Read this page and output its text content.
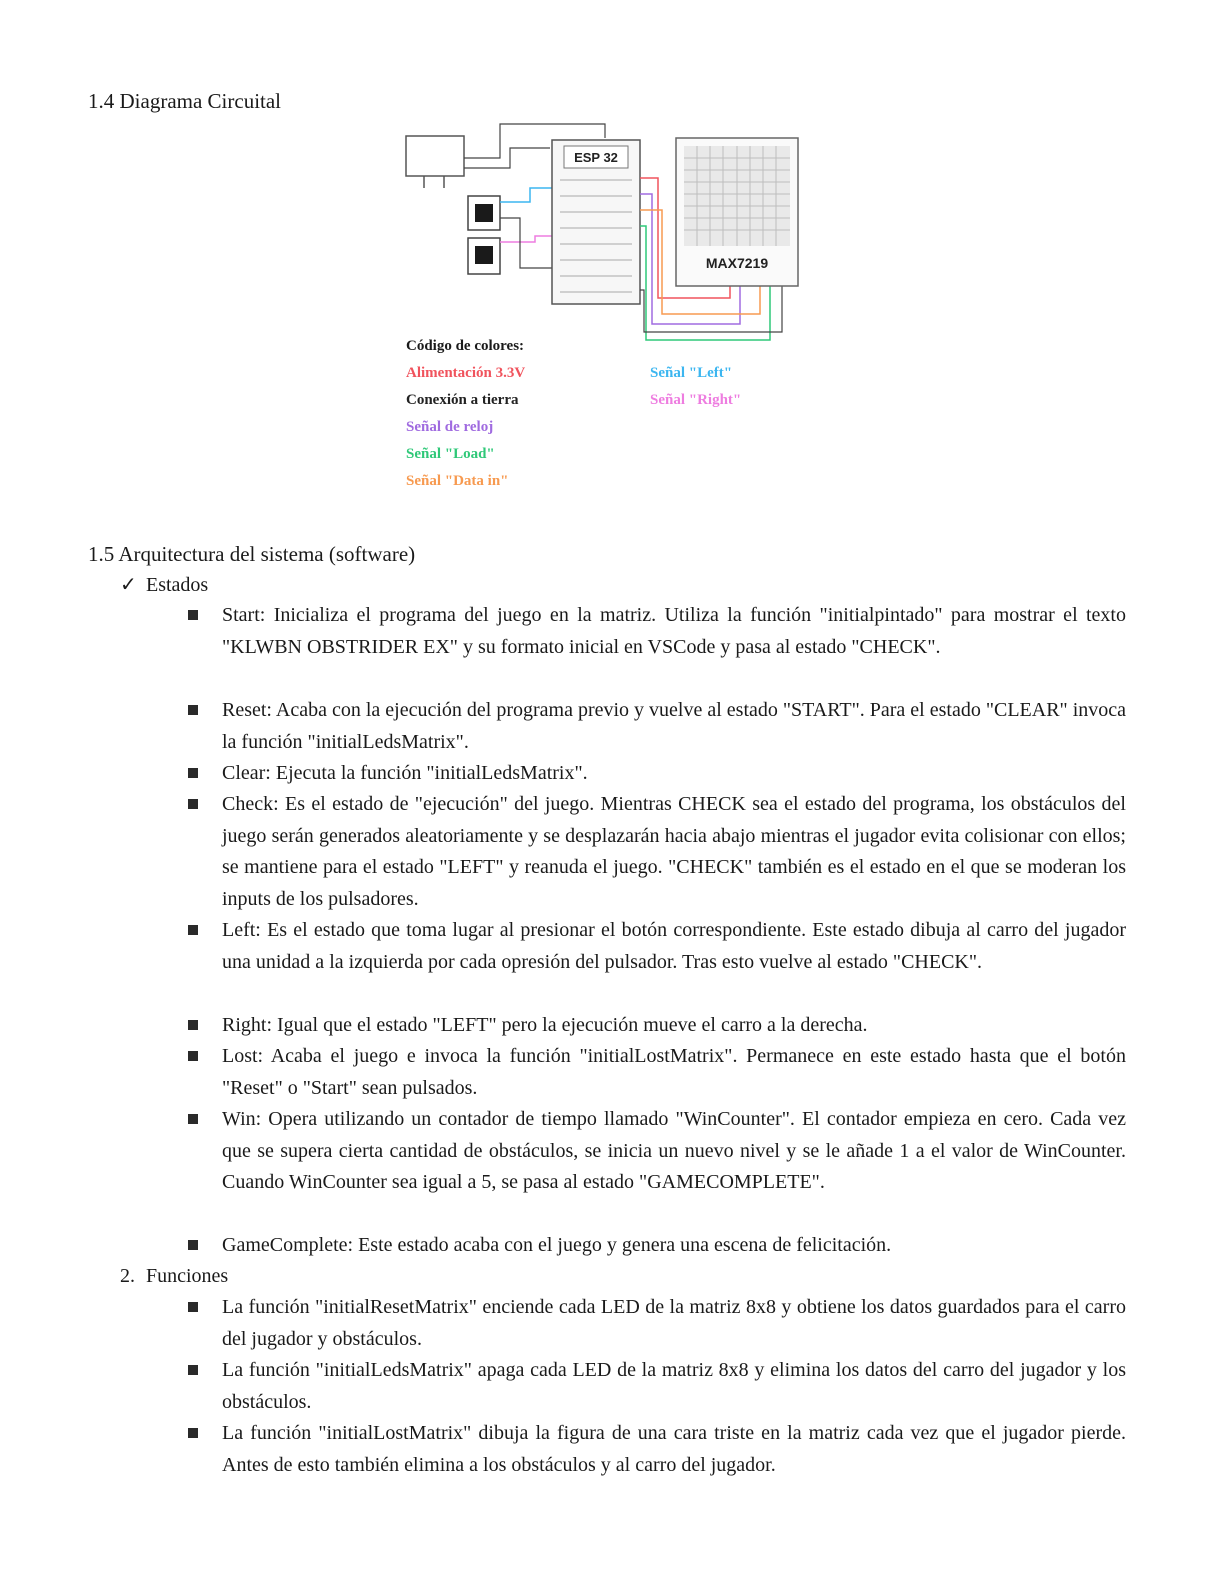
1.4 Diagrama Circuital
ESP 32
MAX7219
Código de colores:
Alimentación 3.3V
Conexión a tierra
Señal de reloj
Señal "Load"
Señal "Data in"
Señal "Left"
Señal "Right"
1.5 Arquitectura del sistema (software)
✓ Estados
Start: Inicializa el programa del juego en la matriz. Utiliza la función "initialpintado" para mostrar el texto "KLWBN OBSTRIDER EX" y su formato inicial en VSCode y pasa al estado "CHECK".
Reset: Acaba con la ejecución del programa previo y vuelve al estado "START". Para el estado "CLEAR" invoca la función "initialLedsMatrix".
Clear: Ejecuta la función "initialLedsMatrix".
Check: Es el estado de "ejecución" del juego. Mientras CHECK sea el estado del programa, los obstáculos del juego serán generados aleatoriamente y se desplazarán hacia abajo mientras el jugador evita colisionar con ellos; se mantiene para el estado "LEFT" y reanuda el juego. "CHECK" también es el estado en el que se moderan los inputs de los pulsadores.
Left: Es el estado que toma lugar al presionar el botón correspondiente. Este estado dibuja al carro del jugador una unidad a la izquierda por cada opresión del pulsador. Tras esto vuelve al estado "CHECK".
Right: Igual que el estado "LEFT" pero la ejecución mueve el carro a la derecha.
Lost: Acaba el juego e invoca la función "initialLostMatrix". Permanece en este estado hasta que el botón "Reset" o "Start" sean pulsados.
Win: Opera utilizando un contador de tiempo llamado "WinCounter". El contador empieza en cero. Cada vez que se supera cierta cantidad de obstáculos, se inicia un nuevo nivel y se le añade 1 a el valor de WinCounter. Cuando WinCounter sea igual a 5, se pasa al estado "GAMECOMPLETE".
GameComplete: Este estado acaba con el juego y genera una escena de felicitación.
2. Funciones
La función "initialResetMatrix" enciende cada LED de la matriz 8x8 y obtiene los datos guardados para el carro del jugador y obstáculos.
La función "initialLedsMatrix" apaga cada LED de la matriz 8x8 y elimina los datos del carro del jugador y los obstáculos.
La función "initialLostMatrix" dibuja la figura de una cara triste en la matriz cada vez que el jugador pierde. Antes de esto también elimina a los obstáculos y al carro del jugador.
